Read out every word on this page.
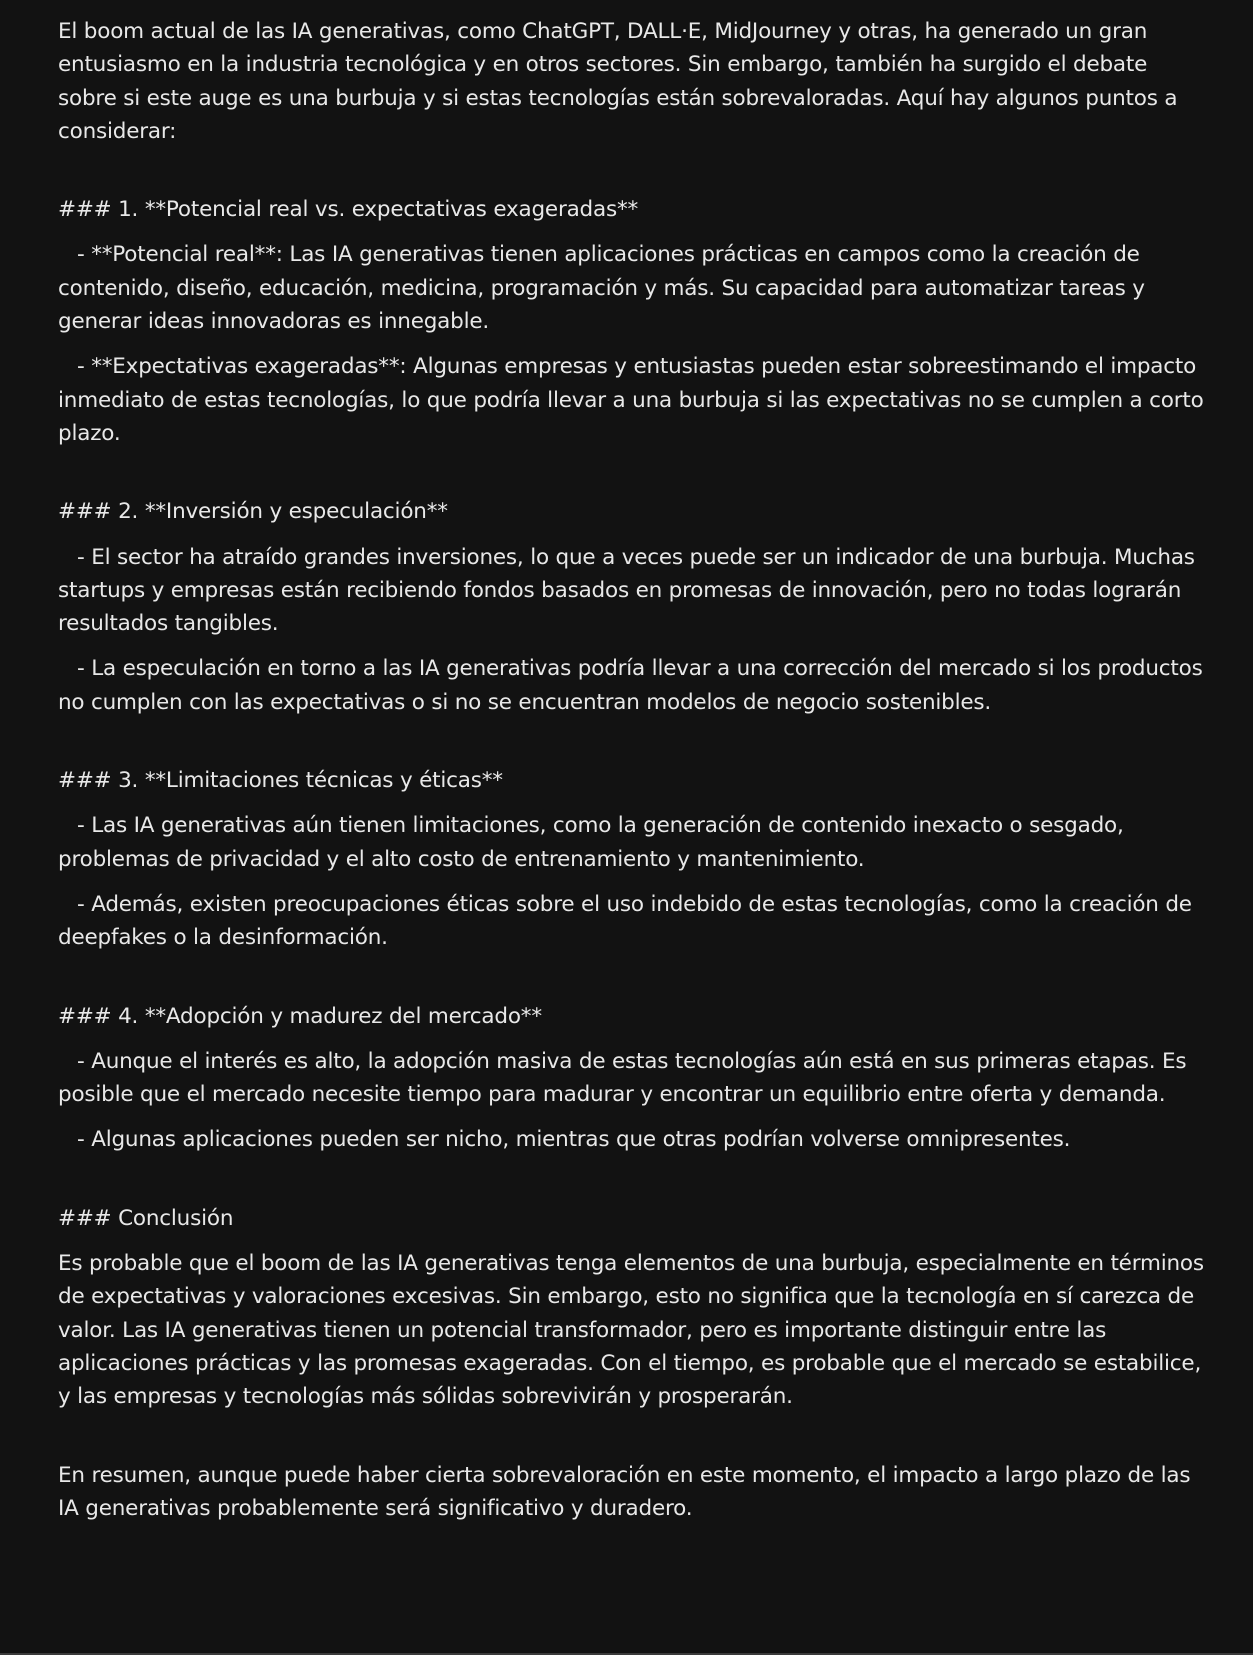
El boom actual de las IA generativas, como ChatGPT, DALL·E, MidJourney y otras, ha generado un gran entusiasmo en la industria tecnológica y en otros sectores. Sin embargo, también ha surgido el debate sobre si este auge es una burbuja y si estas tecnologías están sobrevaloradas. Aquí hay algunos puntos a considerar:

### 1. **Potencial real vs. expectativas exageradas**

- **Potencial real**: Las IA generativas tienen aplicaciones prácticas en campos como la creación de contenido, diseño, educación, medicina, programación y más. Su capacidad para automatizar tareas y generar ideas innovadoras es innegable.

- **Expectativas exageradas**: Algunas empresas y entusiastas pueden estar sobreestimando el impacto inmediato de estas tecnologías, lo que podría llevar a una burbuja si las expectativas no se cumplen a corto plazo.

### 2. **Inversión y especulación**

- El sector ha atraído grandes inversiones, lo que a veces puede ser un indicador de una burbuja. Muchas startups y empresas están recibiendo fondos basados en promesas de innovación, pero no todas lograrán resultados tangibles.

- La especulación en torno a las IA generativas podría llevar a una corrección del mercado si los productos no cumplen con las expectativas o si no se encuentran modelos de negocio sostenibles.

### 3. **Limitaciones técnicas y éticas**

- Las IA generativas aún tienen limitaciones, como la generación de contenido inexacto o sesgado, problemas de privacidad y el alto costo de entrenamiento y mantenimiento.

- Además, existen preocupaciones éticas sobre el uso indebido de estas tecnologías, como la creación de deepfakes o la desinformación.

### 4. **Adopción y madurez del mercado**

- Aunque el interés es alto, la adopción masiva de estas tecnologías aún está en sus primeras etapas. Es posible que el mercado necesite tiempo para madurar y encontrar un equilibrio entre oferta y demanda.

- Algunas aplicaciones pueden ser nicho, mientras que otras podrían volverse omnipresentes.

### Conclusión

Es probable que el boom de las IA generativas tenga elementos de una burbuja, especialmente en términos de expectativas y valoraciones excesivas. Sin embargo, esto no significa que la tecnología en sí carezca de valor. Las IA generativas tienen un potencial transformador, pero es importante distinguir entre las aplicaciones prácticas y las promesas exageradas. Con el tiempo, es probable que el mercado se estabilice, y las empresas y tecnologías más sólidas sobrevivirán y prosperarán.

En resumen, aunque puede haber cierta sobrevaloración en este momento, el impacto a largo plazo de las IA generativas probablemente será significativo y duradero.
